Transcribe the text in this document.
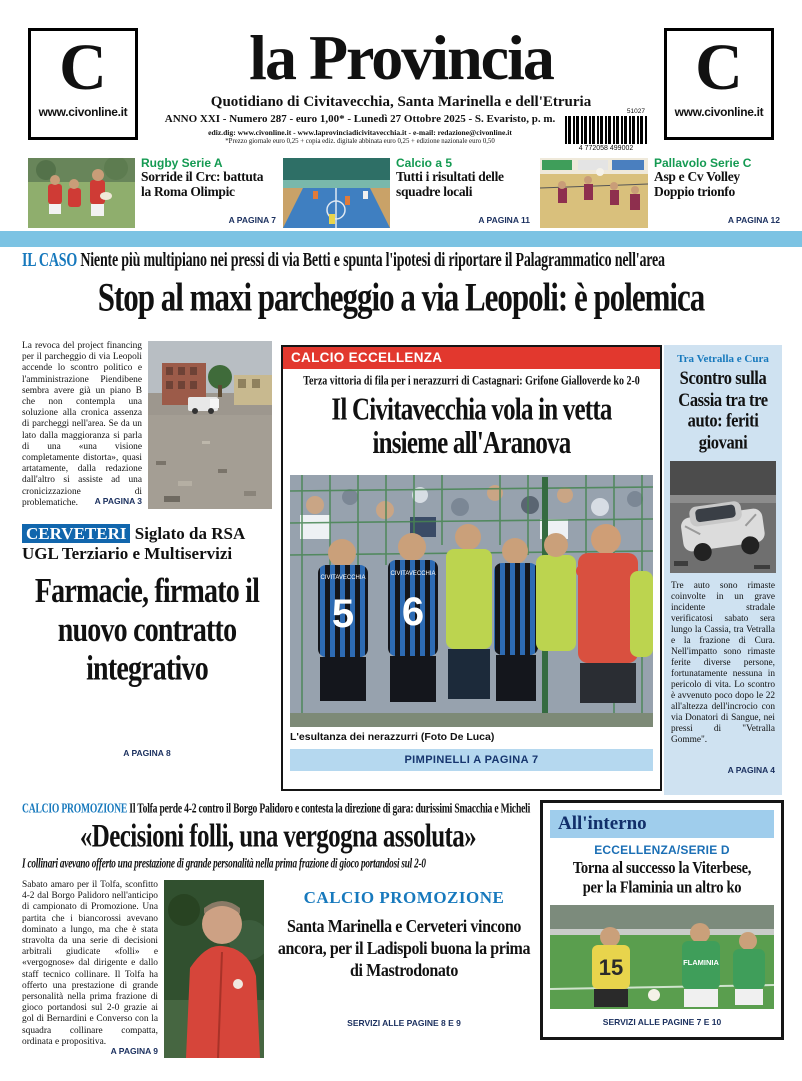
C
www.civonline.it
C
www.civonline.it
la Provincia
Quotidiano di Civitavecchia, Santa Marinella e dell'Etruria
ANNO XXI - Numero 287 - euro 1,00* - Lunedì 27 Ottobre 2025 - S. Evaristo, p. m.
ediz.dig: www.civonline.it - www.laprovinciadicivitavecchia.it - e-mail: redazione@civonline.it
*Prezzo giornale euro 0,25 + copia ediz. digitale abbinata euro 0,25 + edizione nazionale euro 0,50
51027
4 772058 499002
Rugby Serie A
Sorride il Crc: battuta la Roma Olimpic
A PAGINA 7
Calcio a 5
Tutti i risultati delle squadre locali
A PAGINA 11
Pallavolo Serie C
Asp e Cv Volley Doppio trionfo
A PAGINA 12
IL CASO Niente più multipiano nei pressi di via Betti e spunta l'ipotesi di riportare il Palagrammatico nell'area
Stop al maxi parcheggio a via Leopoli: è polemica
La revoca del project financing per il parcheggio di via Leopoli accende lo scontro politico e l'amministrazione Piendibene sembra avere già un piano B che non contempla una soluzione alla cronica assenza di parcheggi nell'area. Se da un lato dalla maggioranza si parla di una «una visione completamente distorta», quasi artatamente, dalla redazione dall'altro si assiste ad una cronicizzazione di problematiche.	A PAGINA 3
CERVETERI Siglato da RSA
UGL Terziario e Multiservizi
Farmacie, firmato il nuovo contratto integrativo
A PAGINA 8
CALCIO ECCELLENZA
Terza vittoria di fila per i nerazzurri di Castagnari: Grifone Gialloverde ko 2-0
Il Civitavecchia vola in vetta
insieme all'Aranova
CIVITAVECCHIA
5
CIVITAVECCHIA
6
L'esultanza dei nerazzurri (Foto De Luca)
PIMPINELLI A PAGINA 7
Tra Vetralla e Cura
Scontro sulla Cassia tra tre auto: feriti giovani
Tre auto sono rimaste coinvolte in un grave incidente stradale verificatosi sabato sera lungo la Cassia, tra Vetralla e la frazione di Cura. Nell'impatto sono rimaste ferite diverse persone, fortunatamente nessuna in pericolo di vita. Lo scontro è avvenuto poco dopo le 22 all'altezza dell'incrocio con via Donatori di Sangue, nei pressi di "Vetralla Gomme".
A PAGINA 4
CALCIO PROMOZIONE Il Tolfa perde 4-2 contro il Borgo Palidoro e contesta la direzione di gara: durissimi Smacchia e Micheli
«Decisioni folli, una vergogna assoluta»
I collinari avevano offerto una prestazione di grande personalità nella prima frazione di gioco portandosi sul 2-0
Sabato amaro per il Tolfa, sconfitto 4-2 dal Borgo Palidoro nell'anticipo di campionato di Promozione. Una partita che i biancorossi avevano dominato a lungo, ma che è stata stravolta da una serie di decisioni arbitrali giudicate «folli» e «vergognose» dal dirigente e dallo staff tecnico collinare. Il Tolfa ha offerto una prestazione di grande personalità nella prima frazione di gioco portandosi sul 2-0 grazie ai gol di Bernardini e Converso con la squadra collinare compatta, ordinata e propositiva.
A PAGINA 9
CALCIO PROMOZIONE
Santa Marinella e Cerveteri vincono ancora, per il Ladispoli buona la prima di Mastrodonato
SERVIZI ALLE PAGINE 8 E 9
All'interno
ECCELLENZA/SERIE D
Torna al successo la Viterbese,
per la Flaminia un altro ko
15	FLAMINIA
SERVIZI ALLE PAGINE 7 E 10
